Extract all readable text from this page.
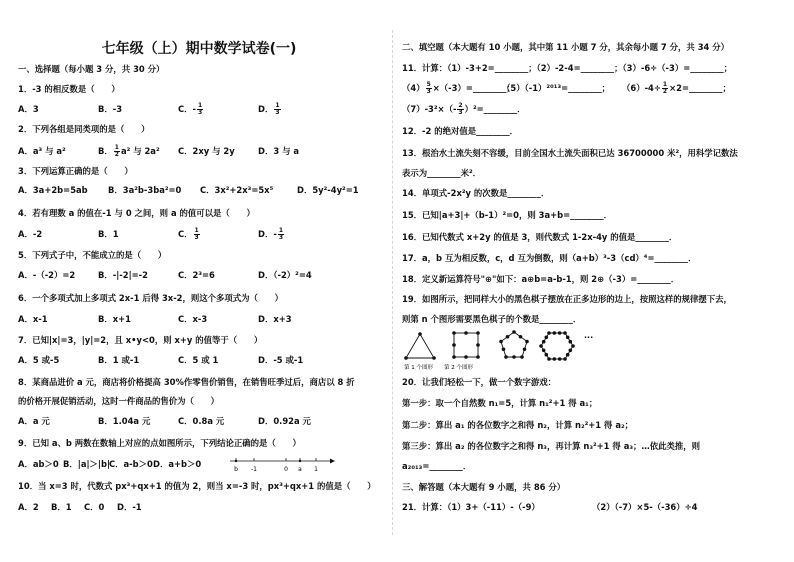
七年级（上）期中数学试卷(一)
一、选择题（每小题 3 分，共 30 分）
1．-3 的相反数是（　　）
A．3	B．-3	C．- $\frac{1}{3}$	D． $\frac{1}{3}$
2．下列各组是同类项的是（　　）
A．a³ 与 a²	B． $\frac{1}{2} a^2$ 与 2a² C．2xy 与 2y	D．3 与 a
3．下列运算正确的是（　　）
A．3a+2b=5ab B．3a²b-3ba²=0 C．3x²+2x³=5x⁵	D．5y²-4y²=1
4．若有理数 a 的值在-1 与 0 之间，则 a 的值可以是（　　）
A．-2	B．1	C． $\frac{1}{3}$	D．- $\frac{1}{3}$
5．下列式子中，不能成立的是（　　）
A．-（-2）=2	B．-|-2|=-2	C．2³=6	D．（-2）²=4
6．一个多项式加上多项式 2x-1 后得 3x-2，则这个多项式为（　　）
A．x-1	B．x+1	C．x-3	D．x+3
7．已知|x|=3，|y|=2，且 x•y<0，则 x+y 的值等于（　　）
A．5 或-5	B．1 或-1	C．5 或 1	D．-5 或-1
8．某商品进价 a 元，商店将价格提高 30%作零售价销售，在销售旺季过后，商店以 8 折
的价格开展促销活动，这时一件商品的售价为（　　）
A．a 元	B．1.04a 元	C．0.8a 元	D．0.92a 元
9．已知 a、b 两数在数轴上对应的点如图所示，下列结论正确的是（　　）
A．ab＞0 B．|a|＞|b|C．a-b＞0D．a+b＞0
b -1	0 a 1
10．当 x=3 时，代数式 px³+qx+1 的值为 2，则当 x=-3 时，px³+qx+1 的值是（　　）
A．2 B．1 C．0 D．-1
二、填空题（本大题有 10 小题，其中第 11 小题 7 分，其余每小题 7 分，共 34 分）
11．计算：（1）-3+2=________；（2）-2-4=________；（3）-6÷（-3）=________；
$(4) \frac{5}{3}$ ×（-3）=________；（5）（-1）²⁰¹³=________； $(6)-4\div \frac{1}{2}$ ×2=________；
$(7)-3^2\times(- \frac{2}{3}$ ）²=________．
12．-2 的绝对值是________．
13．根治水土流失刻不容缓，目前全国水土流失面积已达 36700000 米²，用科学记数法
表示为________米²．
14．单项式-2x²y 的次数是________．
15．已知|a+3|+（b-1）²=0，则 3a+b=________．
16．已知代数式 x+2y 的值是 3，则代数式 1-2x-4y 的值是________．
17．a，b 互为相反数，c，d 互为倒数，则（a+b）³-3（cd）⁴=________．
18．定义新运算符号"⊕"如下：a⊕b=a-b-1，则 2⊕（-3）=________．
19．如图所示，把同样大小的黑色棋子摆放在正多边形的边上，按照这样的规律摆下去，
则第 n 个图形需要黑色棋子的个数是________．
第 1 个图形 第 2 个图形
···
20．让我们轻松一下，做一个数字游戏：
第一步：取一个自然数 n₁=5，计算 n₁²+1 得 a₁；
第二步：算出 a₁ 的各位数字之和得 n₂，计算 n₂²+1 得 a₂；
第三步：算出 a₂ 的各位数字之和得 n₃，再计算 n₃²+1 得 a₃；…依此类推，则
a₂₀₁₃=________．
三、解答题（本大题有 9 小题，共 86 分）
21．计算：（1）3+（-11）-（-9）	（2）（-7）×5-（-36）÷4
